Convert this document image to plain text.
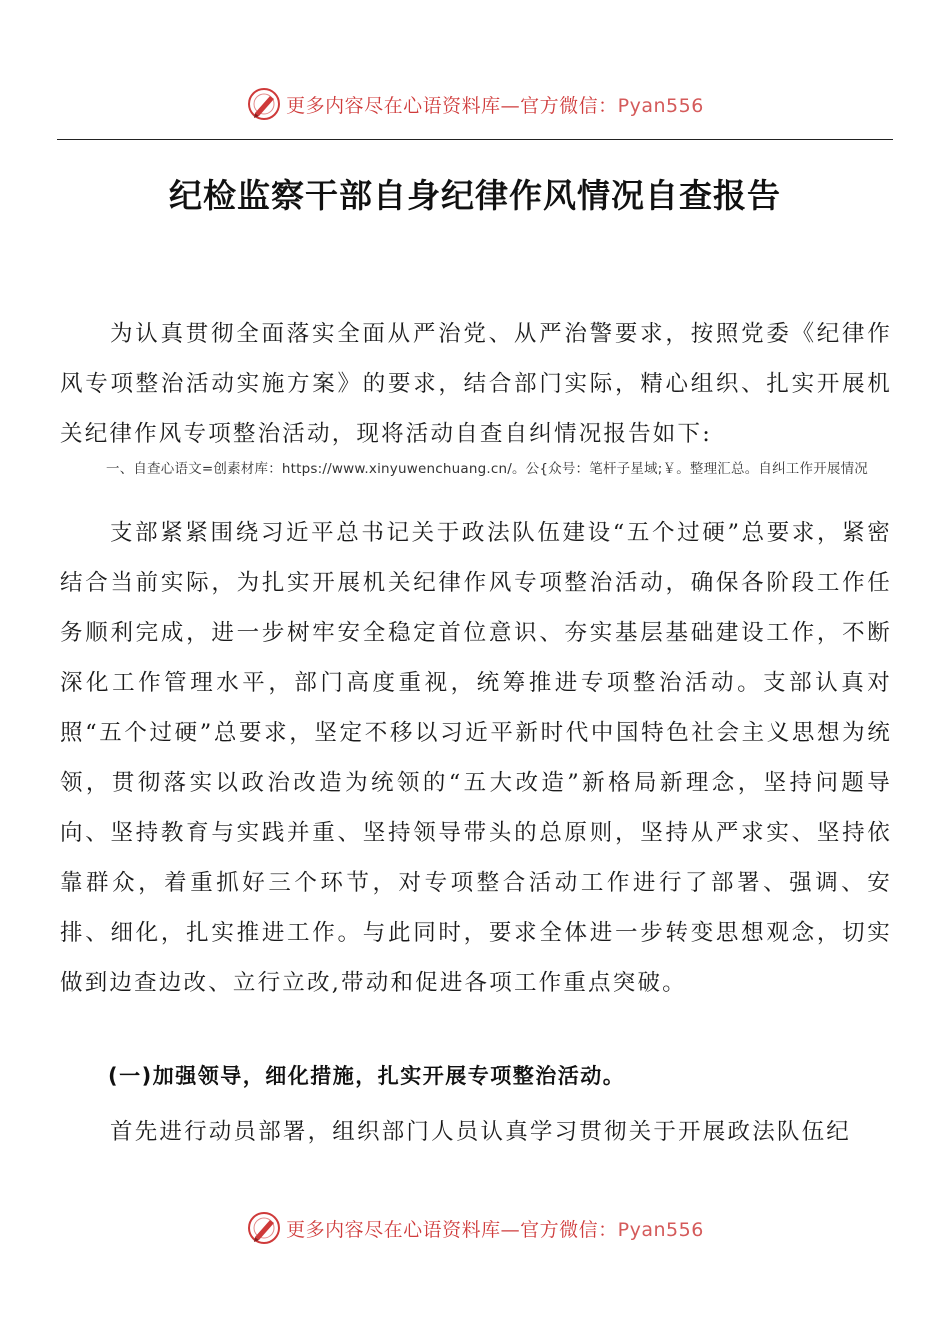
更多内容尽在心语资料库—官方微信：Pyan556
纪检监察干部自身纪律作风情况自查报告

为认真贯彻全面落实全面从严治党、从严治警要求，按照党委《纪律作风专项整治活动实施方案》的要求，结合部门实际，精心组织、扎实开展机关纪律作风专项整治活动，现将活动自查自纠情况报告如下:

一、自查心语文=创素材库：https://www.xinyuwenchuang.cn/。公{众号：笔杆子星域;￥。整理汇总。自纠工作开展情况

支部紧紧围绕习近平总书记关于政法队伍建设“五个过硬”总要求，紧密结合当前实际，为扎实开展机关纪律作风专项整治活动，确保各阶段工作任务顺利完成，进一步树牢安全稳定首位意识、夯实基层基础建设工作，不断深化工作管理水平，部门高度重视，统筹推进专项整治活动。支部认真对照“五个过硬”总要求，坚定不移以习近平新时代中国特色社会主义思想为统领，贯彻落实以政治改造为统领的“五大改造”新格局新理念，坚持问题导向、坚持教育与实践并重、坚持领导带头的总原则，坚持从严求实、坚持依靠群众，着重抓好三个环节，对专项整合活动工作进行了部署、强调、安排、细化，扎实推进工作。与此同时，要求全体进一步转变思想观念，切实做到边查边改、立行立改,带动和促进各项工作重点突破。

(一)加强领导，细化措施，扎实开展专项整治活动。

首先进行动员部署，组织部门人员认真学习贯彻关于开展政法队伍纪

更多内容尽在心语资料库—官方微信：Pyan556
